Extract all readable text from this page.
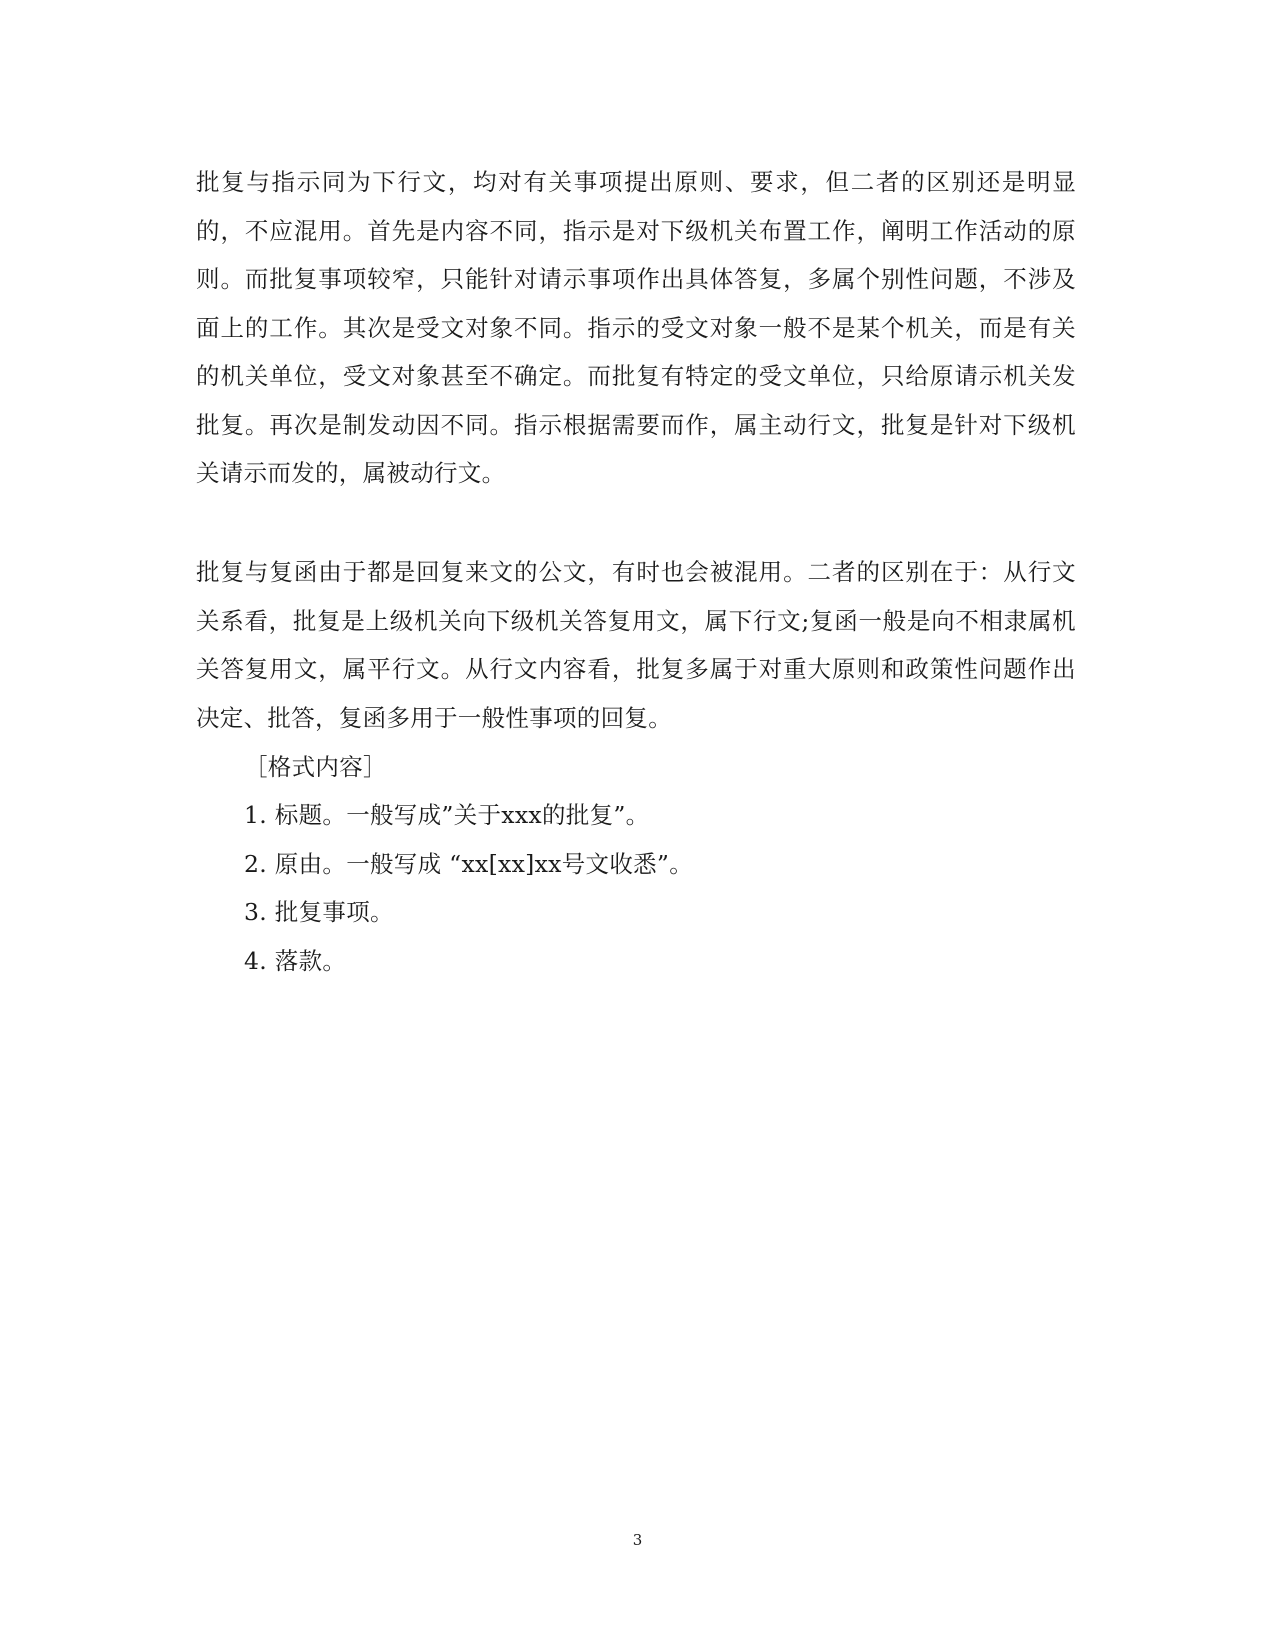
批复与指示同为下行文，均对有关事项提出原则、要求，但二者的区别还是明显的，不应混用。首先是内容不同，指示是对下级机关布置工作，阐明工作活动的原则。而批复事项较窄，只能针对请示事项作出具体答复，多属个别性问题，不涉及面上的工作。其次是受文对象不同。指示的受文对象一般不是某个机关，而是有关的机关单位，受文对象甚至不确定。而批复有特定的受文单位，只给原请示机关发批复。再次是制发动因不同。指示根据需要而作，属主动行文，批复是针对下级机关请示而发的，属被动行文。

批复与复函由于都是回复来文的公文，有时也会被混用。二者的区别在于：从行文关系看，批复是上级机关向下级机关答复用文，属下行文;复函一般是向不相隶属机关答复用文，属平行文。从行文内容看，批复多属于对重大原则和政策性问题作出决定、批答，复函多用于一般性事项的回复。

［格式内容］

1. 标题。一般写成”关于xxx的批复”。

2. 原由。一般写成 “xx[xx]xx号文收悉”。

3. 批复事项。

4. 落款。

3
